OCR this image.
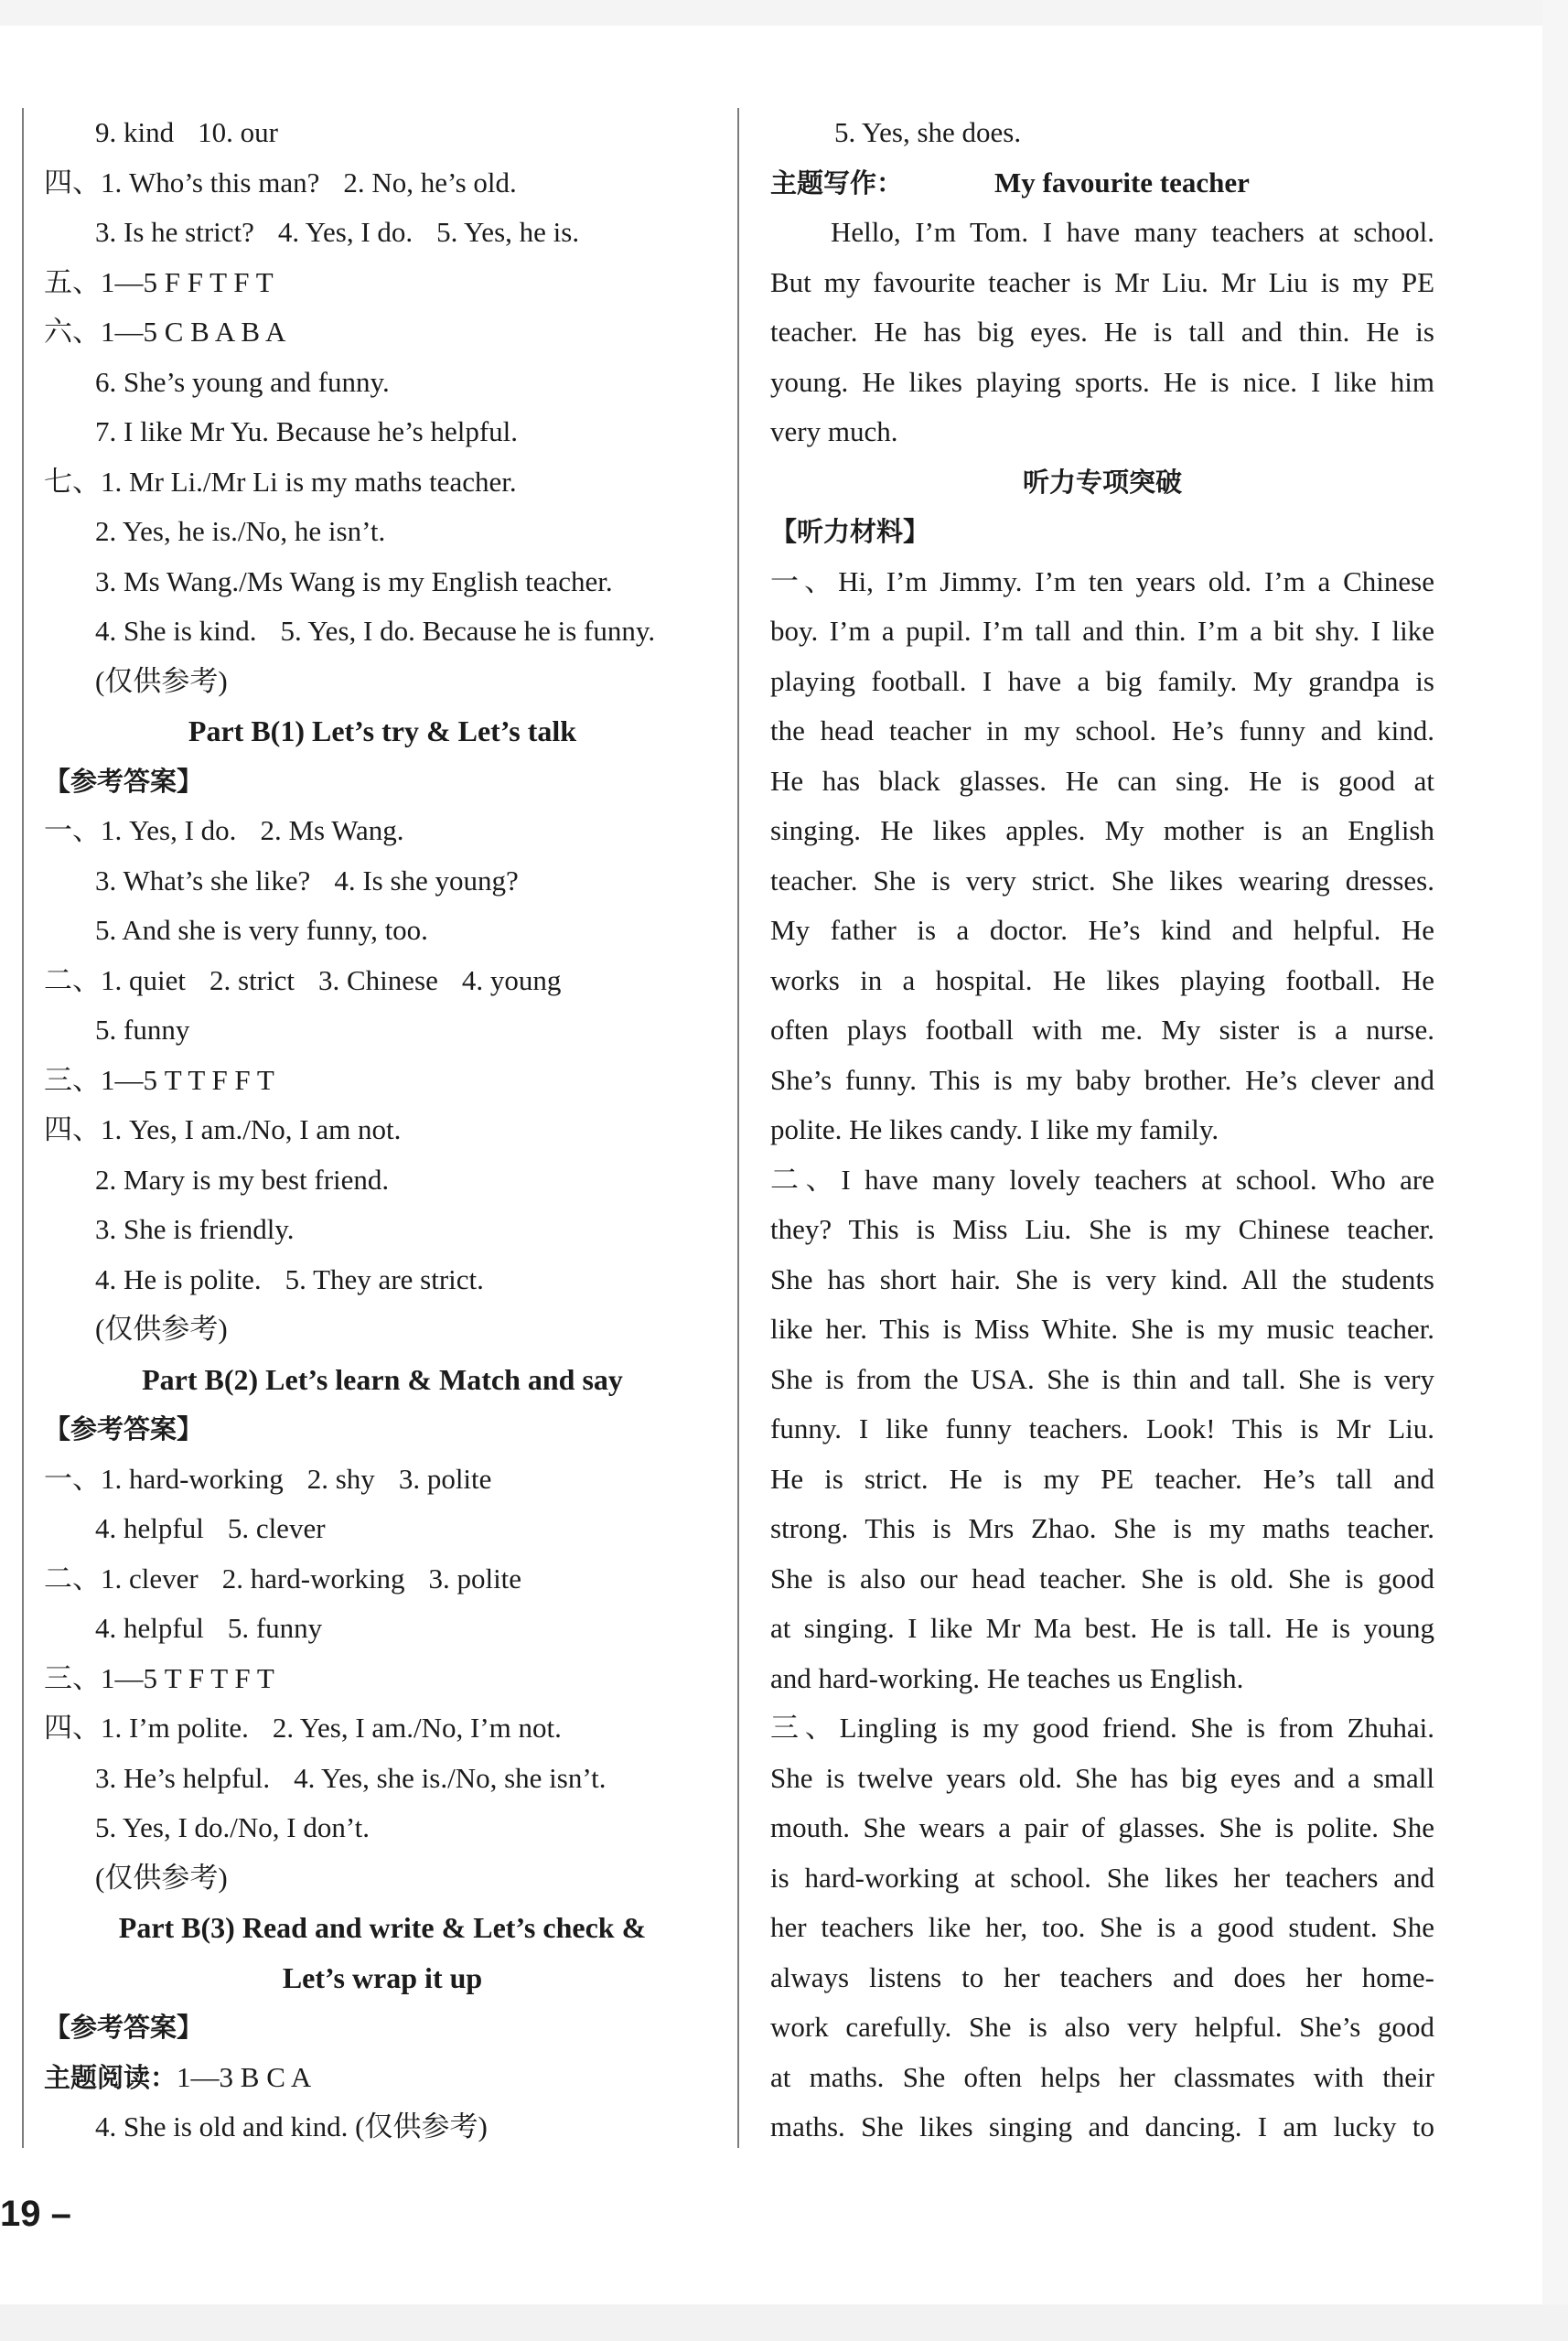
9. kind 10. our
四、1. Who’s this man? 2. No, he’s old.
3. Is he strict? 4. Yes, I do. 5. Yes, he is.
五、1—5 F F T F T
六、1—5 C B A B A
6. She’s young and funny.
7. I like Mr Yu. Because he’s helpful.
七、1. Mr Li./Mr Li is my maths teacher.
2. Yes, he is./No, he isn’t.
3. Ms Wang./Ms Wang is my English teacher.
4. She is kind. 5. Yes, I do. Because he is funny.
(仅供参考)
Part B(1) Let’s try & Let’s talk
【参考答案】
一、1. Yes, I do. 2. Ms Wang.
3. What’s she like? 4. Is she young?
5. And she is very funny, too.
二、1. quiet 2. strict 3. Chinese 4. young
5. funny
三、1—5 T T F F T
四、1. Yes, I am./No, I am not.
2. Mary is my best friend.
3. She is friendly.
4. He is polite. 5. They are strict.
(仅供参考)
Part B(2) Let’s learn & Match and say
【参考答案】
一、1. hard-working 2. shy 3. polite
4. helpful 5. clever
二、1. clever 2. hard-working 3. polite
4. helpful 5. funny
三、1—5 T F T F T
四、1. I’m polite. 2. Yes, I am./No, I’m not.
3. He’s helpful. 4. Yes, she is./No, she isn’t.
5. Yes, I do./No, I don’t.
(仅供参考)
Part B(3) Read and write & Let’s check &
Let’s wrap it up
【参考答案】
主题阅读：1—3 B C A
4. She is old and kind. (仅供参考)
5. Yes, she does.
主题写作：	My favourite teacher
Hello, I’m Tom. I have many teachers at school.
But my favourite teacher is Mr Liu. Mr Liu is my PE
teacher. He has big eyes. He is tall and thin. He is
young. He likes playing sports. He is nice. I like him
very much.
听力专项突破
【听力材料】
一、Hi, I’m Jimmy. I’m ten years old. I’m a Chinese
boy. I’m a pupil. I’m tall and thin. I’m a bit shy. I like
playing football. I have a big family. My grandpa is
the head teacher in my school. He’s funny and kind.
He has black glasses. He can sing. He is good at
singing. He likes apples. My mother is an English
teacher. She is very strict. She likes wearing dresses.
My father is a doctor. He’s kind and helpful. He
works in a hospital. He likes playing football. He
often plays football with me. My sister is a nurse.
She’s funny. This is my baby brother. He’s clever and
polite. He likes candy. I like my family.
二、I have many lovely teachers at school. Who are
they? This is Miss Liu. She is my Chinese teacher.
She has short hair. She is very kind. All the students
like her. This is Miss White. She is my music teacher.
She is from the USA. She is thin and tall. She is very
funny. I like funny teachers. Look! This is Mr Liu.
He is strict. He is my PE teacher. He’s tall and
strong. This is Mrs Zhao. She is my maths teacher.
She is also our head teacher. She is old. She is good
at singing. I like Mr Ma best. He is tall. He is young
and hard-working. He teaches us English.
三、Lingling is my good friend. She is from Zhuhai.
She is twelve years old. She has big eyes and a small
mouth. She wears a pair of glasses. She is polite. She
is hard-working at school. She likes her teachers and
her teachers like her, too. She is a good student. She
always listens to her teachers and does her home-
work carefully. She is also very helpful. She’s good
at maths. She often helps her classmates with their
maths. She likes singing and dancing. I am lucky to
19 –
